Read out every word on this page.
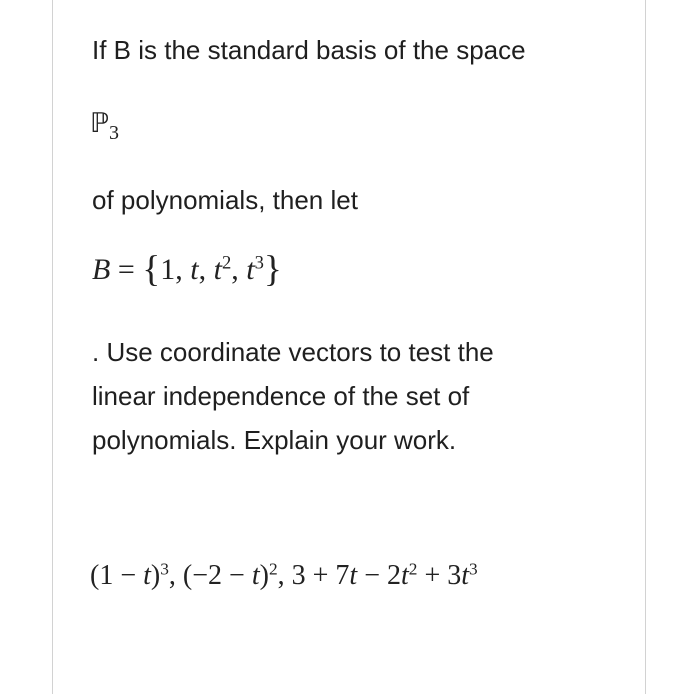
If B is the standard basis of the space
ℙ$_3$
of polynomials, then let
B = {1, t, $t^2$, $t^3$}
. Use coordinate vectors to test the
linear independence of the set of
polynomials. Explain your work.
$(1 - t)^3$, $(-2 - t)^2$, $3 + 7t - 2t^2 + 3t^3$
